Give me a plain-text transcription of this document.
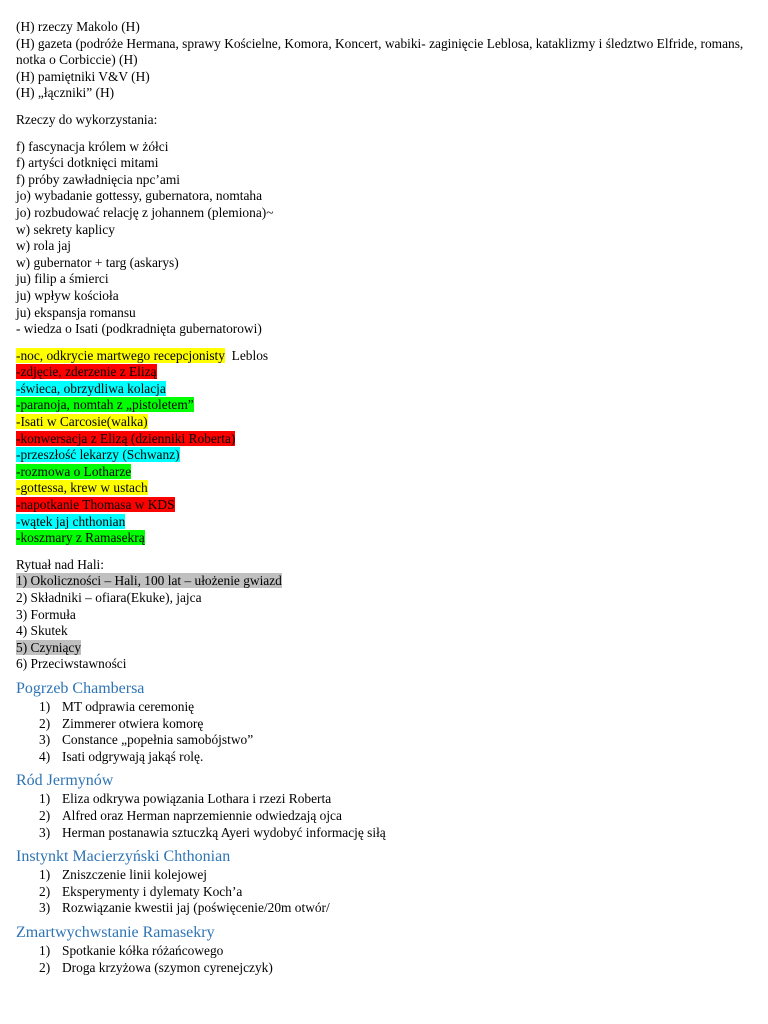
(H) rzeczy Makolo (H)
(H) gazeta (podróże Hermana, sprawy Kościelne, Komora, Koncert, wabiki- zaginięcie Leblosa, kataklizmy i śledztwo Elfride, romans, notka o Corbiccie) (H)
(H) pamiętniki V&V (H)
(H) „łączniki” (H)
Rzeczy do wykorzystania:
f) fascynacja królem w żółci
f) artyści dotknięci mitami
f) próby zawładnięcia npc’ami
jo) wybadanie gottessy, gubernatora, nomtaha
jo) rozbudować relację z johannem (plemiona)~
w) sekrety kaplicy
w) rola jaj
w) gubernator + targ (askarys)
ju) filip a śmierci
ju) wpływ kościoła
ju) ekspansja romansu
- wiedza o Isati (podkradnięta gubernatorowi)
-noc, odkrycie martwego recepcjonisty  Leblos
-zdjęcie, zderzenie z Elizą
-świeca, obrzydliwa kolacja
-paranoja, nomtah z „pistoletem”
-Isati w Carcosie(walka)
-konwersacja z Elizą (dzienniki Roberta)
-przeszłość lekarzy (Schwanz)
-rozmowa o Lotharze
-gottessa, krew w ustach
-napotkanie Thomasa w KDS
-wątek jaj chthonian
-koszmary z Ramasekrą
Rytuał nad Hali:
1) Okoliczności – Hali, 100 lat – ułożenie gwiazd
2) Składniki – ofiara(Ekuke), jajca
3) Formuła
4) Skutek
5) Czyniący
6) Przeciwstawności
Pogrzeb Chambersa
1) MT odprawia ceremonię
2) Zimmerer otwiera komorę
3) Constance „popełnia samobójstwo”
4) Isati odgrywają jakąś rolę.
Ród Jermynów
1) Eliza odkrywa powiązania Lothara i rzezi Roberta
2) Alfred oraz Herman naprzemiennie odwiedzają ojca
3) Herman postanawia sztuczką Ayeri wydobyć informację siłą
Instynkt Macierzyński Chthonian
1) Zniszczenie linii kolejowej
2) Eksperymenty i dylematy Koch’a
3) Rozwiązanie kwestii jaj (poświęcenie/20m otwór/
Zmartwychwstanie Ramasekry
1) Spotkanie kółka różańcowego
2) Droga krzyżowa (szymon cyrenejczyk)
